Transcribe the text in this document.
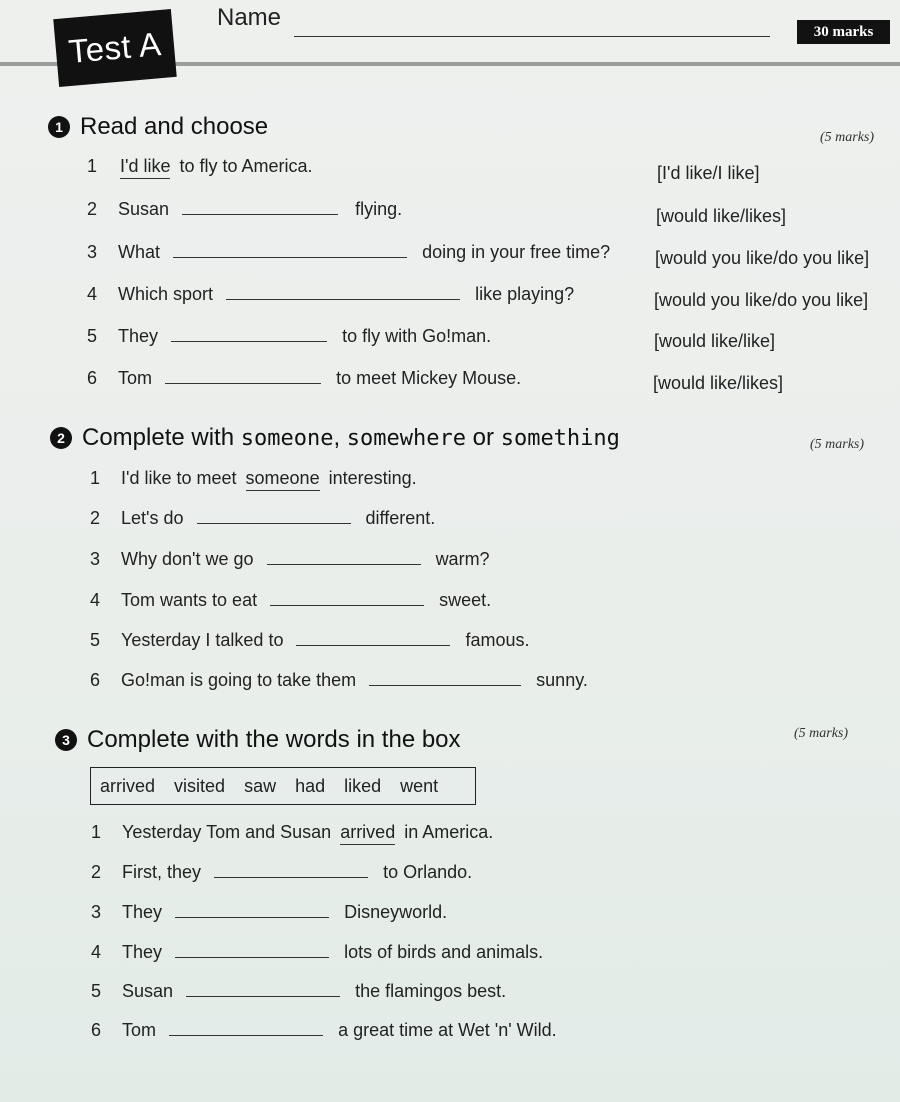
Test A
Name
30 marks
1 Read and choose	(5 marks)
1 I'd like to fly to America.	[I'd like/I like]
2 Susan	flying.	[would like/likes]
3 What	doing in your free time? [would you like/do you like]
4 Which sport	like playing?	[would you like/do you like]
5 They	to fly with Go!man.	[would like/like]
6 Tom	to meet Mickey Mouse.	[would like/likes]
2 Complete with someone, somewhere or something	(5 marks)
1 I'd like to meet someone interesting.
2 Let's do	different.
3 Why don't we go	warm?
4 Tom wants to eat	sweet.
5 Yesterday I talked to	famous.
6 Go!man is going to take them	sunny.
3 Complete with the words in the box	(5 marks)
arrived visited saw had liked went
1 Yesterday Tom and Susan arrived in America.
2 First, they	to Orlando.
3 They	Disneyworld.
4 They	lots of birds and animals.
5 Susan	the flamingos best.
6 Tom	a great time at Wet 'n' Wild.
